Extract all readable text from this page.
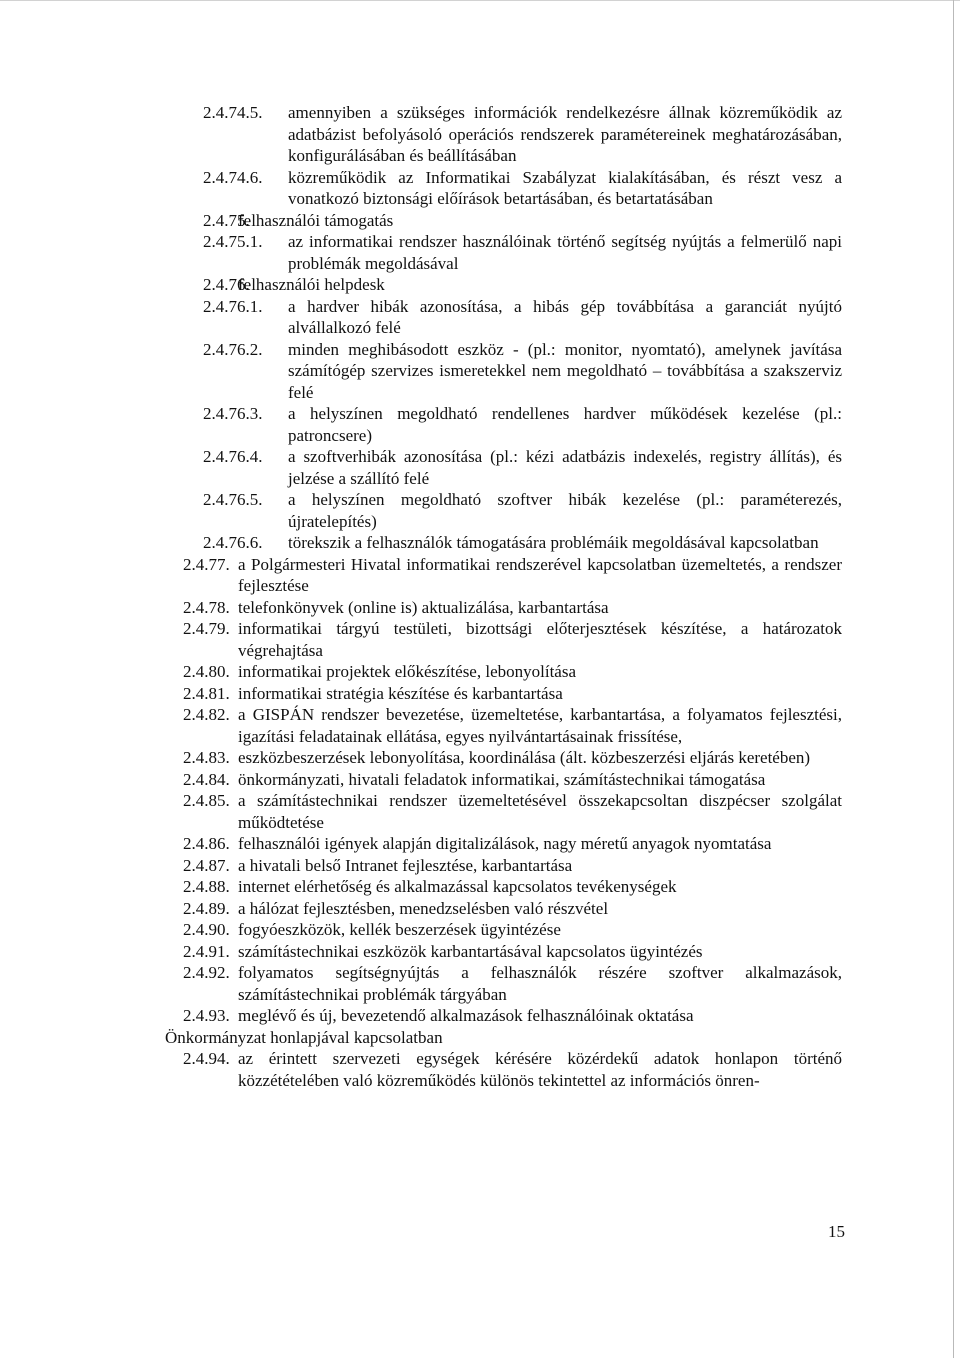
2.4.74.5. amennyiben a szükséges információk rendelkezésre állnak közreműködik az adatbázist befolyásoló operációs rendszerek paramétereinek meghatározásában, konfigurálásában és beállításában
2.4.74.6. közreműködik az Informatikai Szabályzat kialakításában, és részt vesz a vonatkozó biztonsági előírások betartásában, és betartatásában
2.4.75.
felhasználói támogatás
2.4.75.1. az informatikai rendszer használóinak történő segítség nyújtás a felmerülő napi problémák megoldásával
2.4.76.
felhasználói helpdesk
2.4.76.1. a hardver hibák azonosítása, a hibás gép továbbítása a garanciát nyújtó alvállalkozó felé
2.4.76.2. minden meghibásodott eszköz - (pl.: monitor, nyomtató), amelynek javítása számítógép szervizes ismeretekkel nem megoldható – továbbítása a szakszerviz felé
2.4.76.3. a helyszínen megoldható rendellenes hardver működések kezelése (pl.: patroncsere)
2.4.76.4. a szoftverhibák azonosítása (pl.: kézi adatbázis indexelés, registry állítás), és jelzése a szállító felé
2.4.76.5. a helyszínen megoldható szoftver hibák kezelése (pl.: paraméterezés, újratelepítés)
2.4.76.6. törekszik a felhasználók támogatására problémáik megoldásával kapcsolatban
2.4.77. a Polgármesteri Hivatal informatikai rendszerével kapcsolatban üzemeltetés, a rendszer fejlesztése
2.4.78. telefonkönyvek (online is) aktualizálása, karbantartása
2.4.79. informatikai tárgyú testületi, bizottsági előterjesztések készítése, a határozatok végrehajtása
2.4.80. informatikai projektek előkészítése, lebonyolítása
2.4.81. informatikai stratégia készítése és karbantartása
2.4.82. a GISPÁN rendszer bevezetése, üzemeltetése, karbantartása, a folyamatos fejlesztési, igazítási feladatainak ellátása, egyes nyilvántartásainak frissítése,
2.4.83. eszközbeszerzések lebonyolítása, koordinálása (ált. közbeszerzési eljárás keretében)
2.4.84. önkormányzati, hivatali feladatok informatikai, számítástechnikai támogatása
2.4.85. a számítástechnikai rendszer üzemeltetésével összekapcsoltan diszpécser szolgálat működtetése
2.4.86. felhasználói igények alapján digitalizálások, nagy méretű anyagok nyomtatása
2.4.87. a hivatali belső Intranet fejlesztése, karbantartása
2.4.88. internet elérhetőség és alkalmazással kapcsolatos tevékenységek
2.4.89. a hálózat fejlesztésben, menedzselésben való részvétel
2.4.90. fogyóeszközök, kellék beszerzések ügyintézése
2.4.91. számítástechnikai eszközök karbantartásával kapcsolatos ügyintézés
2.4.92. folyamatos segítségnyújtás a felhasználók részére szoftver alkalmazások, számítástechnikai problémák tárgyában
2.4.93. meglévő és új, bevezetendő alkalmazások felhasználóinak oktatása
Önkormányzat honlapjával kapcsolatban
2.4.94. az érintett szervezeti egységek kérésére közérdekű adatok honlapon történő közzétételében való közreműködés különös tekintettel az információs önren-
15
